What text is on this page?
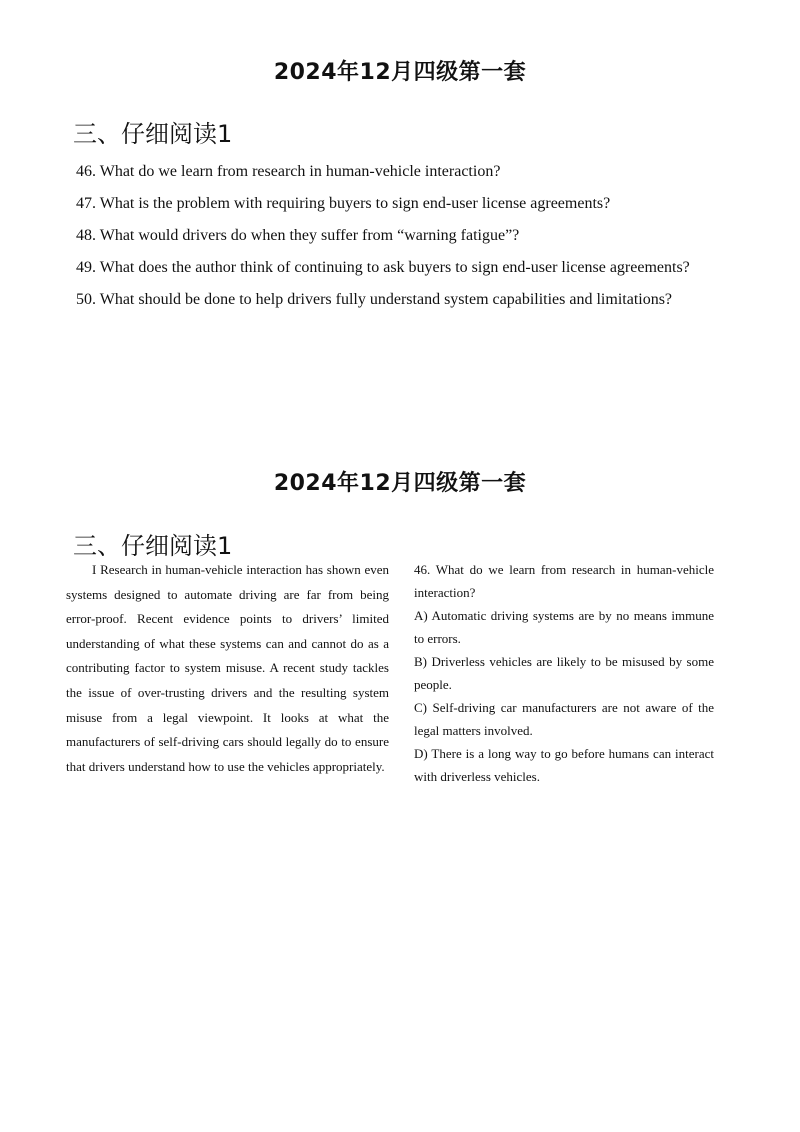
2024年12月四级第一套
三、仔细阅读1

46. What do we learn from research in human-vehicle interaction?

47. What is the problem with requiring buyers to sign end-user license agreements?

48. What would drivers do when they suffer from “warning fatigue”?

49. What does the author think of continuing to ask buyers to sign end-user license agreements?

50. What should be done to help drivers fully understand system capabilities and limitations?

2024年12月四级第一套
三、仔细阅读1

I Research in human-vehicle interaction has shown even systems designed to automate driving are far from being error-proof. Recent evidence points to drivers’ limited understanding of what these systems can and cannot do as a contributing factor to system misuse. A recent study tackles the issue of over-trusting drivers and the resulting system misuse from a legal viewpoint. It looks at what the manufacturers of self-driving cars should legally do to ensure that drivers understand how to use the vehicles appropriately.

46. What do we learn from research in human-vehicle interaction?

A) Automatic driving systems are by no means immune to errors.

B) Driverless vehicles are likely to be misused by some people.

C) Self-driving car manufacturers are not aware of the legal matters involved.

D) There is a long way to go before humans can interact with driverless vehicles.
